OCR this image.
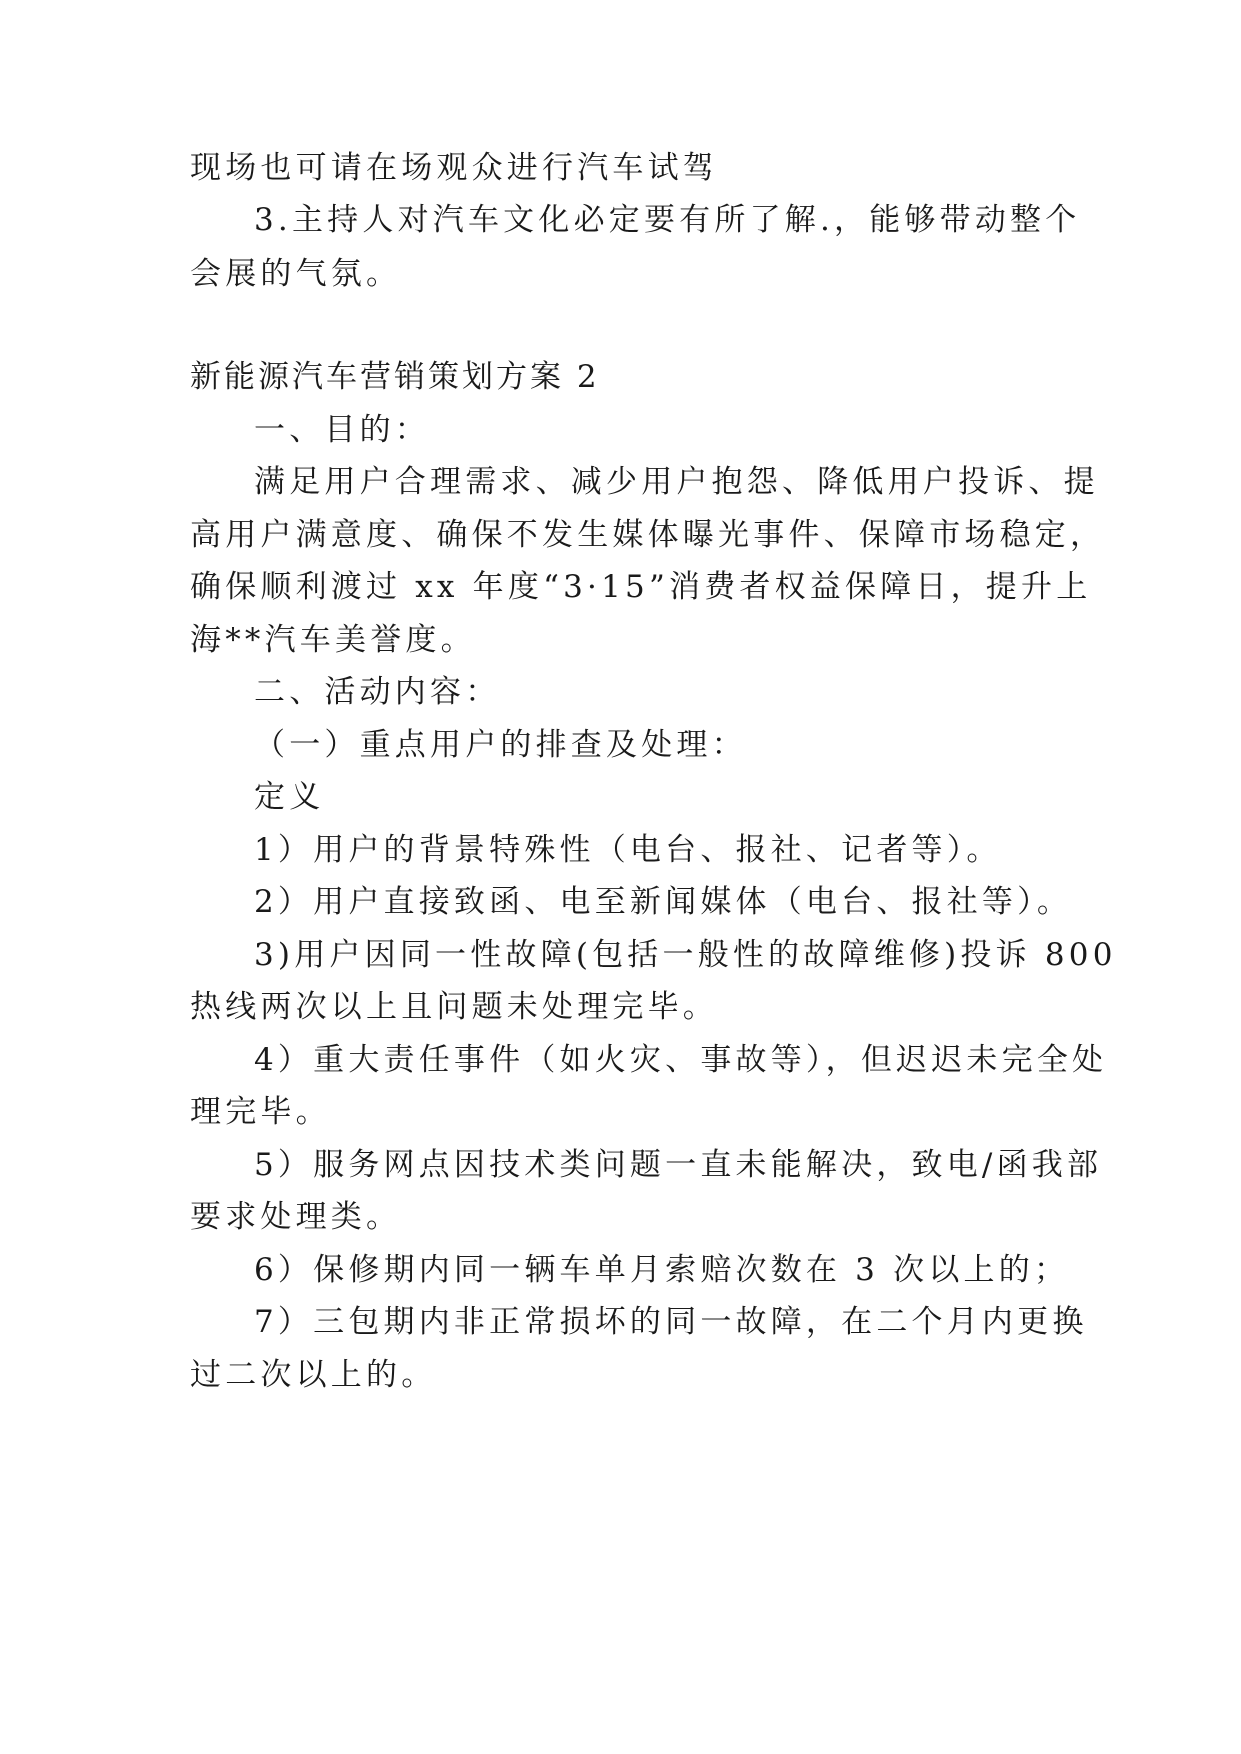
现场也可请在场观众进行汽车试驾
3.主持人对汽车文化必定要有所了解.，能够带动整个
会展的气氛。
新能源汽车营销策划方案 2
一、目的：
满足用户合理需求、减少用户抱怨、降低用户投诉、提
高用户满意度、确保不发生媒体曝光事件、保障市场稳定，
确保顺利渡过 xx 年度“3·15”消费者权益保障日，提升上
海**汽车美誉度。
二、活动内容：
（一）重点用户的排查及处理：
定义
1）用户的背景特殊性（电台、报社、记者等）。
2）用户直接致函、电至新闻媒体（电台、报社等）。
3)用户因同一性故障(包括一般性的故障维修)投诉 800
热线两次以上且问题未处理完毕。
4）重大责任事件（如火灾、事故等），但迟迟未完全处
理完毕。
5）服务网点因技术类问题一直未能解决，致电/函我部
要求处理类。
6）保修期内同一辆车单月索赔次数在 3 次以上的；
7）三包期内非正常损坏的同一故障，在二个月内更换
过二次以上的。
